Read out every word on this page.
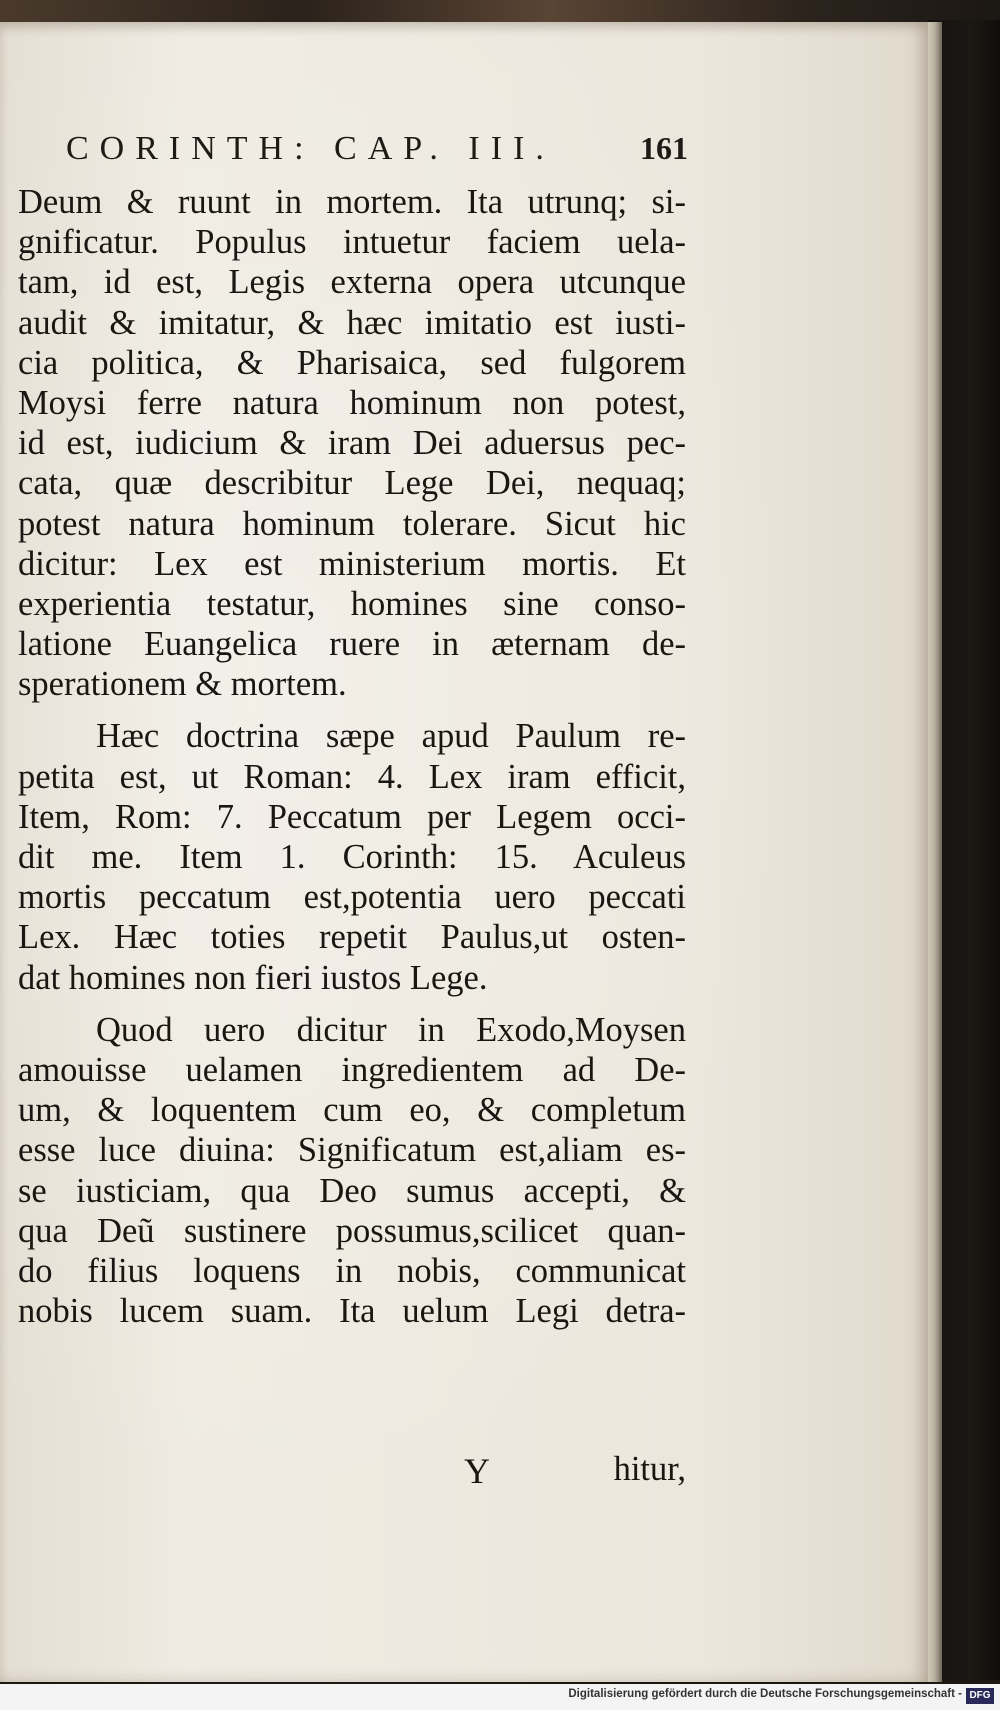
CORINTH: CAP. III.	161
Deum & ruunt in mortem. Ita utrunq; si-
gnificatur. Populus intuetur faciem uela-
tam, id est, Legis externa opera utcunque
audit & imitatur, & hæc imitatio est iusti-
cia politica, & Pharisaica, sed fulgorem
Moysi ferre natura hominum non potest,
id est, iudicium & iram Dei aduersus pec-
cata, quæ describitur Lege Dei, nequaq;
potest natura hominum tolerare. Sicut hic
dicitur: Lex est ministerium mortis. Et
experientia testatur, homines sine conso-
latione Euangelica ruere in æternam de-
sperationem & mortem.
Hæc doctrina sæpe apud Paulum re-
petita est, ut Roman: 4. Lex iram efficit,
Item, Rom: 7. Peccatum per Legem occi-
dit me. Item 1. Corinth: 15. Aculeus
mortis peccatum est,potentia uero peccati
Lex. Hæc toties repetit Paulus,ut osten-
dat homines non fieri iustos Lege.
Quod uero dicitur in Exodo,Moysen
amouisse uelamen ingredientem ad De-
um, & loquentem cum eo, & completum
esse luce diuina: Significatum est,aliam es-
se iusticiam, qua Deo sumus accepti, &
qua Deũ sustinere possumus,scilicet quan-
do filius loquens in nobis, communicat
nobis lucem suam. Ita uelum Legi detra-
Y	hitur,
Digitalisierung gefördert durch die Deutsche Forschungsgemeinschaft - DFG
